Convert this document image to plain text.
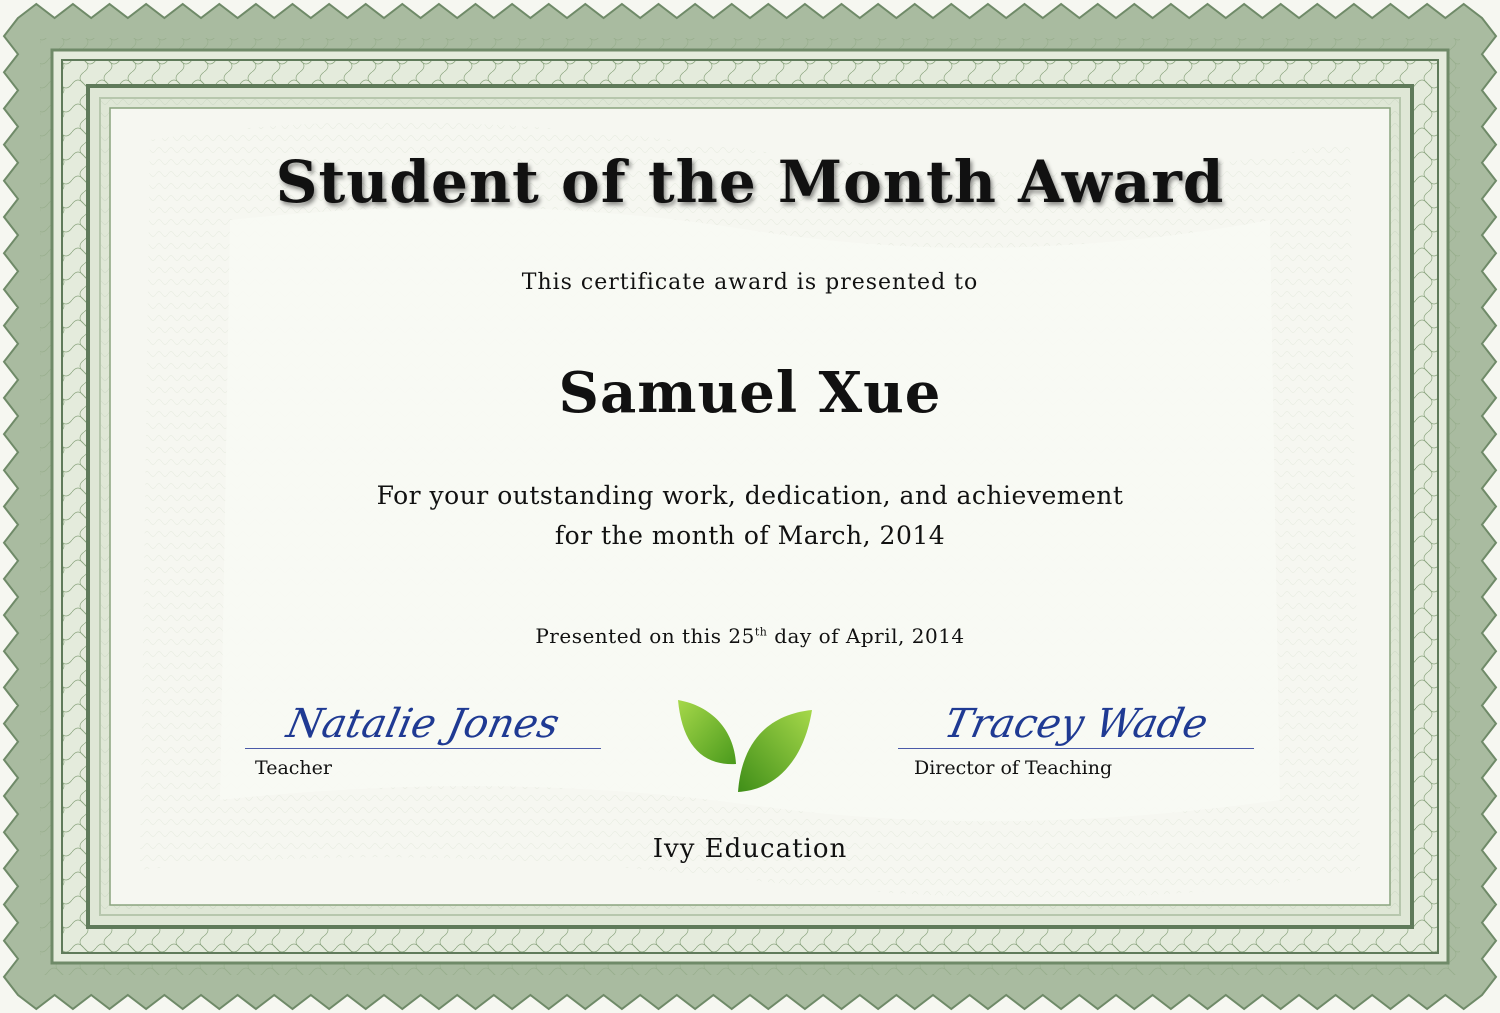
Student of the Month Award
This certificate award is presented to
Samuel Xue
For your outstanding work, dedication, and achievement
for the month of March, 2014
Presented on this 25th day of April, 2014
Natalie Jones
Teacher
Tracey Wade
Director of Teaching
Ivy Education
